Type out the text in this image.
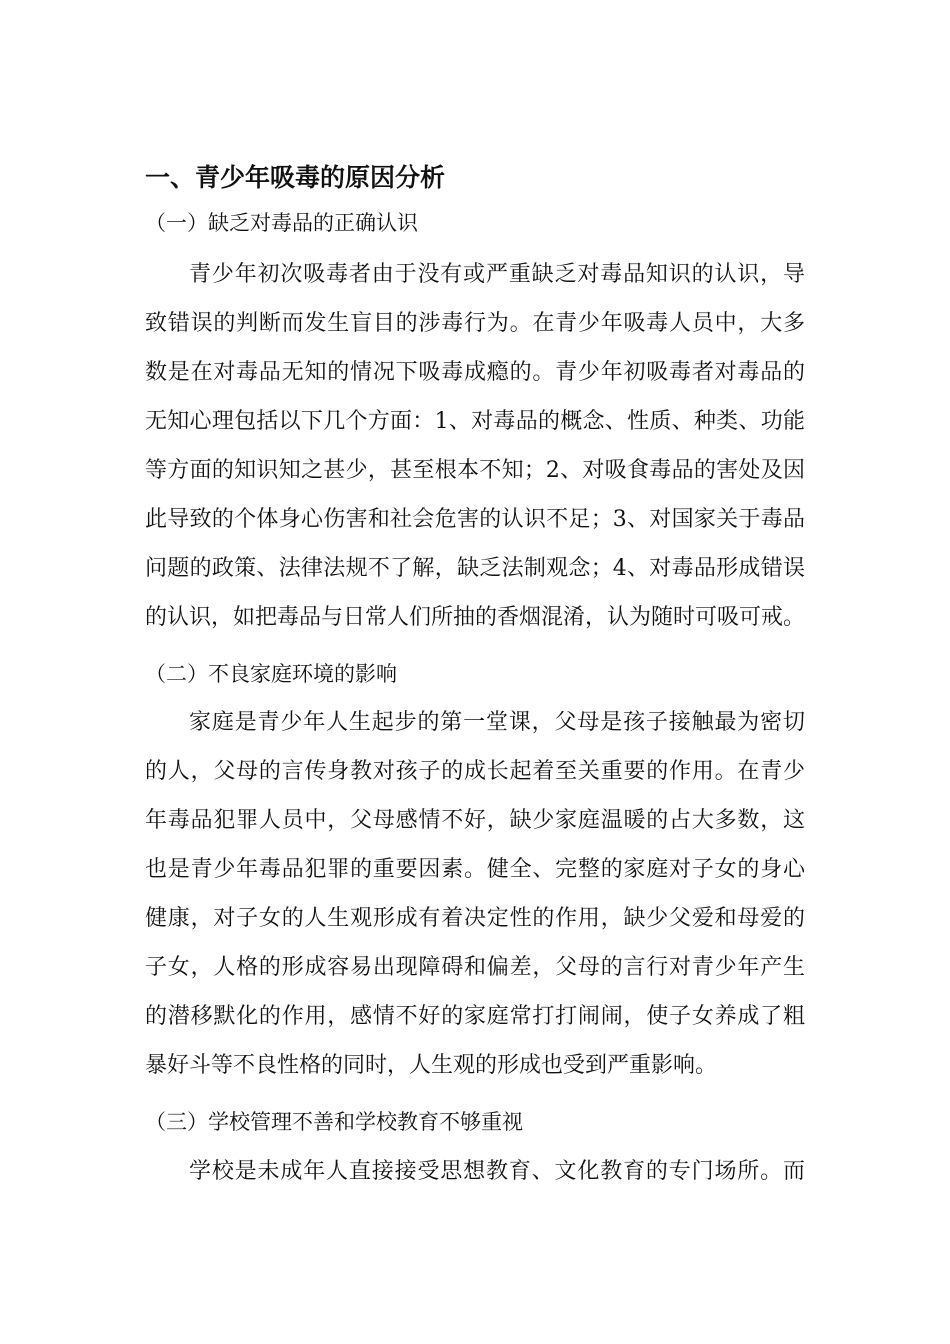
一、青少年吸毒的原因分析
（一）缺乏对毒品的正确认识
青少年初次吸毒者由于没有或严重缺乏对毒品知识的认识，导
致错误的判断而发生盲目的涉毒行为。在青少年吸毒人员中，大多
数是在对毒品无知的情况下吸毒成瘾的。青少年初吸毒者对毒品的
无知心理包括以下几个方面：1、对毒品的概念、性质、种类、功能
等方面的知识知之甚少，甚至根本不知；2、对吸食毒品的害处及因
此导致的个体身心伤害和社会危害的认识不足；3、对国家关于毒品
问题的政策、法律法规不了解，缺乏法制观念；4、对毒品形成错误
的认识，如把毒品与日常人们所抽的香烟混淆，认为随时可吸可戒。
（二）不良家庭环境的影响
家庭是青少年人生起步的第一堂课，父母是孩子接触最为密切
的人，父母的言传身教对孩子的成长起着至关重要的作用。在青少
年毒品犯罪人员中，父母感情不好，缺少家庭温暖的占大多数，这
也是青少年毒品犯罪的重要因素。健全、完整的家庭对子女的身心
健康，对子女的人生观形成有着决定性的作用，缺少父爱和母爱的
子女，人格的形成容易出现障碍和偏差，父母的言行对青少年产生
的潜移默化的作用，感情不好的家庭常打打闹闹，使子女养成了粗
暴好斗等不良性格的同时，人生观的形成也受到严重影响。
（三）学校管理不善和学校教育不够重视
学校是未成年人直接接受思想教育、文化教育的专门场所。而
